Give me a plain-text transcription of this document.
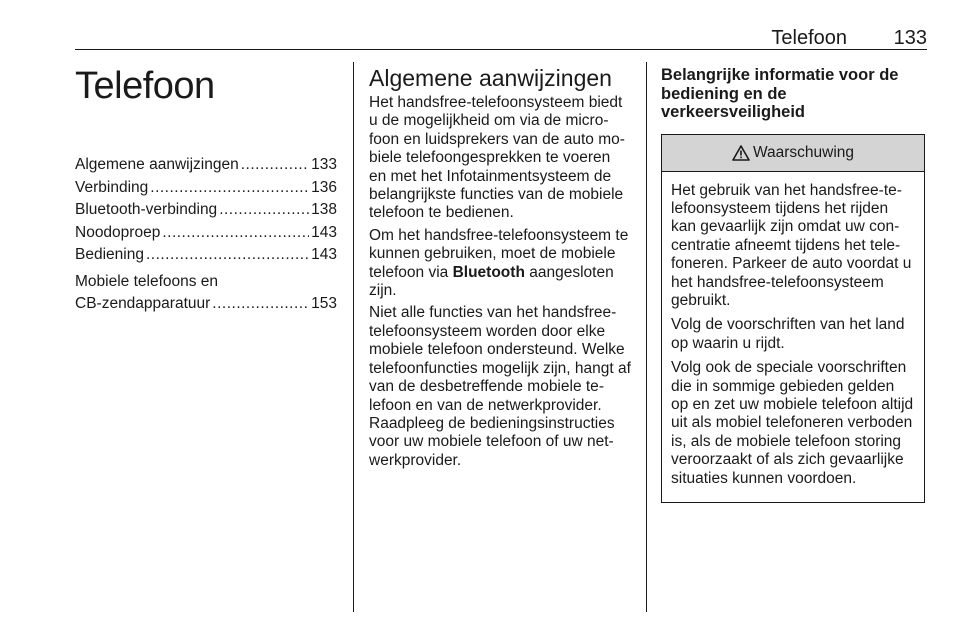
Telefoon 133
Telefoon
Algemene aanwijzingen .....	133
Verbinding .....	136
Bluetooth-verbinding .....	138
Noodoproep .....	143
Bediening .....	143
Mobiele telefoons en
CB-zendapparatuur .....	153
Algemene aanwijzingen

Het handsfree-telefoonsysteem biedt u de mogelijkheid om via de microfoon en luidsprekers van de auto mobiele telefoongesprekken te voeren en met het Infotainmentsysteem de belangrijkste functies van de mobiele telefoon te bedienen.

Om het handsfree-telefoonsysteem te kunnen gebruiken, moet de mobiele telefoon via Bluetooth aangesloten zijn.

Niet alle functies van het handsfree-telefoonsysteem worden door elke mobiele telefoon ondersteund. Welke telefoonfuncties mogelijk zijn, hangt af van de desbetreffende mobiele telefoon en van de netwerkprovider. Raadpleeg de bedieningsinstructies voor uw mobiele telefoon of uw netwerkprovider.

Belangrijke informatie voor de bediening en de verkeersveiligheid
Waarschuwing

Het gebruik van het handsfree-telefoonsysteem tijdens het rijden kan gevaarlijk zijn omdat uw concentratie afneemt tijdens het telefoneren. Parkeer de auto voordat u het handsfree-telefoonsysteem gebruikt.

Volg de voorschriften van het land op waarin u rijdt.

Volg ook de speciale voorschriften die in sommige gebieden gelden op en zet uw mobiele telefoon altijd uit als mobiel telefoneren verboden is, als de mobiele telefoon storing veroorzaakt of als zich gevaarlijke situaties kunnen voordoen.
